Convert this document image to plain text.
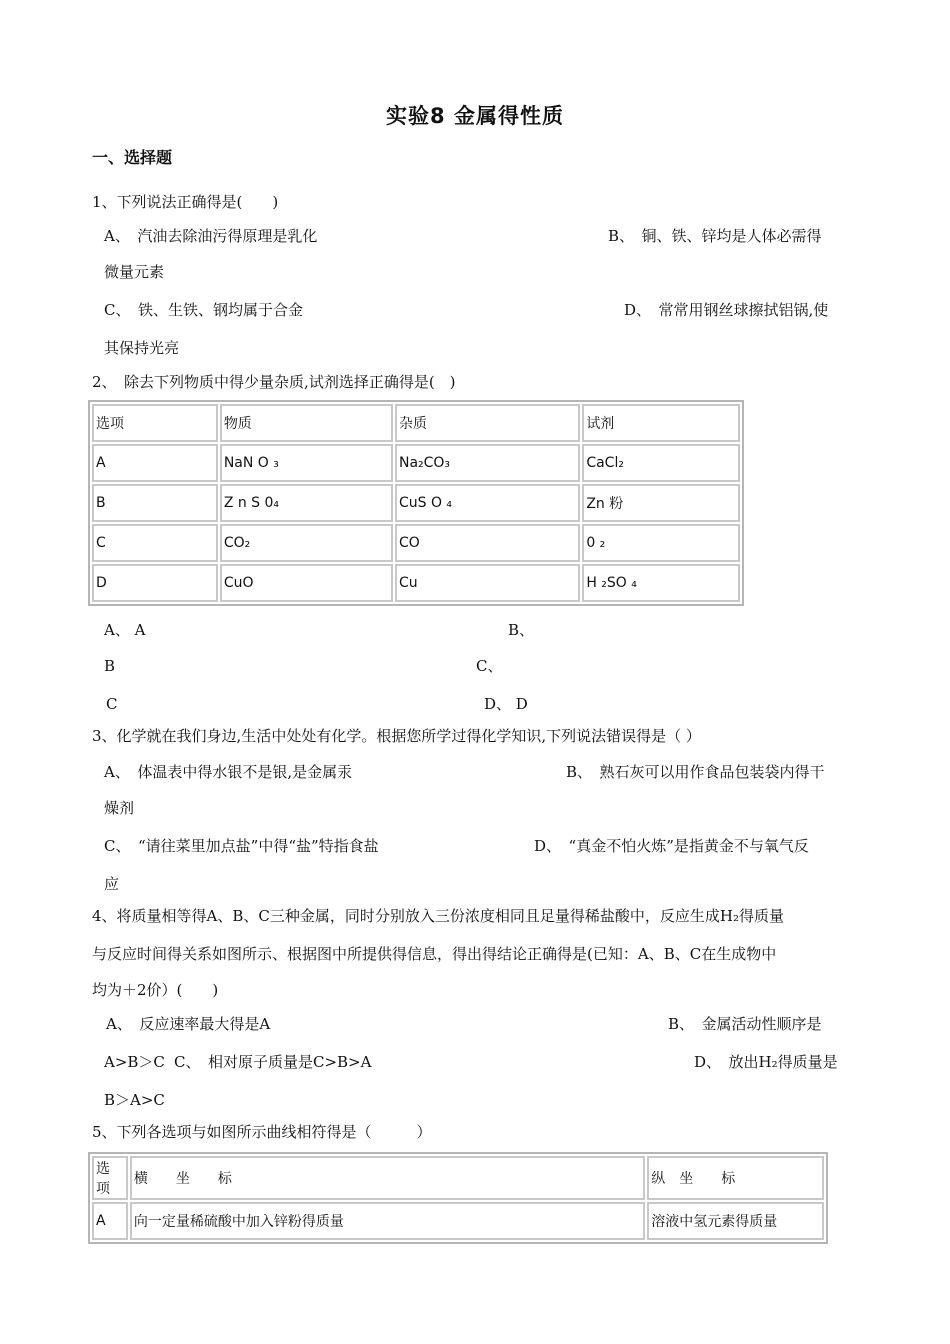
实验8 金属得性质
一、选择题
1、下列说法正确得是(　　)
A、　汽油去除油污得原理是乳化	B、　铜、铁、锌均是人体必需得
微量元素
C、　铁、生铁、钢均属于合金	D、　常常用钢丝球擦拭铝锅,使
其保持光亮
2、　除去下列物质中得少量杂质,试剂选择正确得是(　)
选项	物质	杂质	试剂
A	NaN O ₃	Na₂CO₃	CaCl₂
B	Z n S 0₄	CuS O ₄	Zn 粉
C	CO₂	CO	0 ₂
D	CuO	Cu	H ₂SO ₄
A、 A	B、
B	C、
C	D、 D
3、化学就在我们身边,生活中处处有化学。根据您所学过得化学知识,下列说法错误得是（ ）
A、　体温表中得水银不是银,是金属汞	B、　熟石灰可以用作食品包装袋内得干
燥剂
C、　“请往菜里加点盐”中得“盐”特指食盐	D、　“真金不怕火炼”是指黄金不与氧气反
应
4、将质量相等得A、B、C三种金属，同时分别放入三份浓度相同且足量得稀盐酸中，反应生成H₂得质量
与反应时间得关系如图所示、根据图中所提供得信息，得出得结论正确得是(已知：A、B、C在生成物中
均为＋2价）(　　)
A、　反应速率最大得是A	B、　金属活动性顺序是
A>B＞C C、　相对原子质量是C>B>A	D、　放出H₂得质量是
B＞A>C
5、下列各选项与如图所示曲线相符得是（　　　）
选项	横　　坐　　标	纵　坐　　标
A	向一定量稀硫酸中加入锌粉得质量	溶液中氢元素得质量
